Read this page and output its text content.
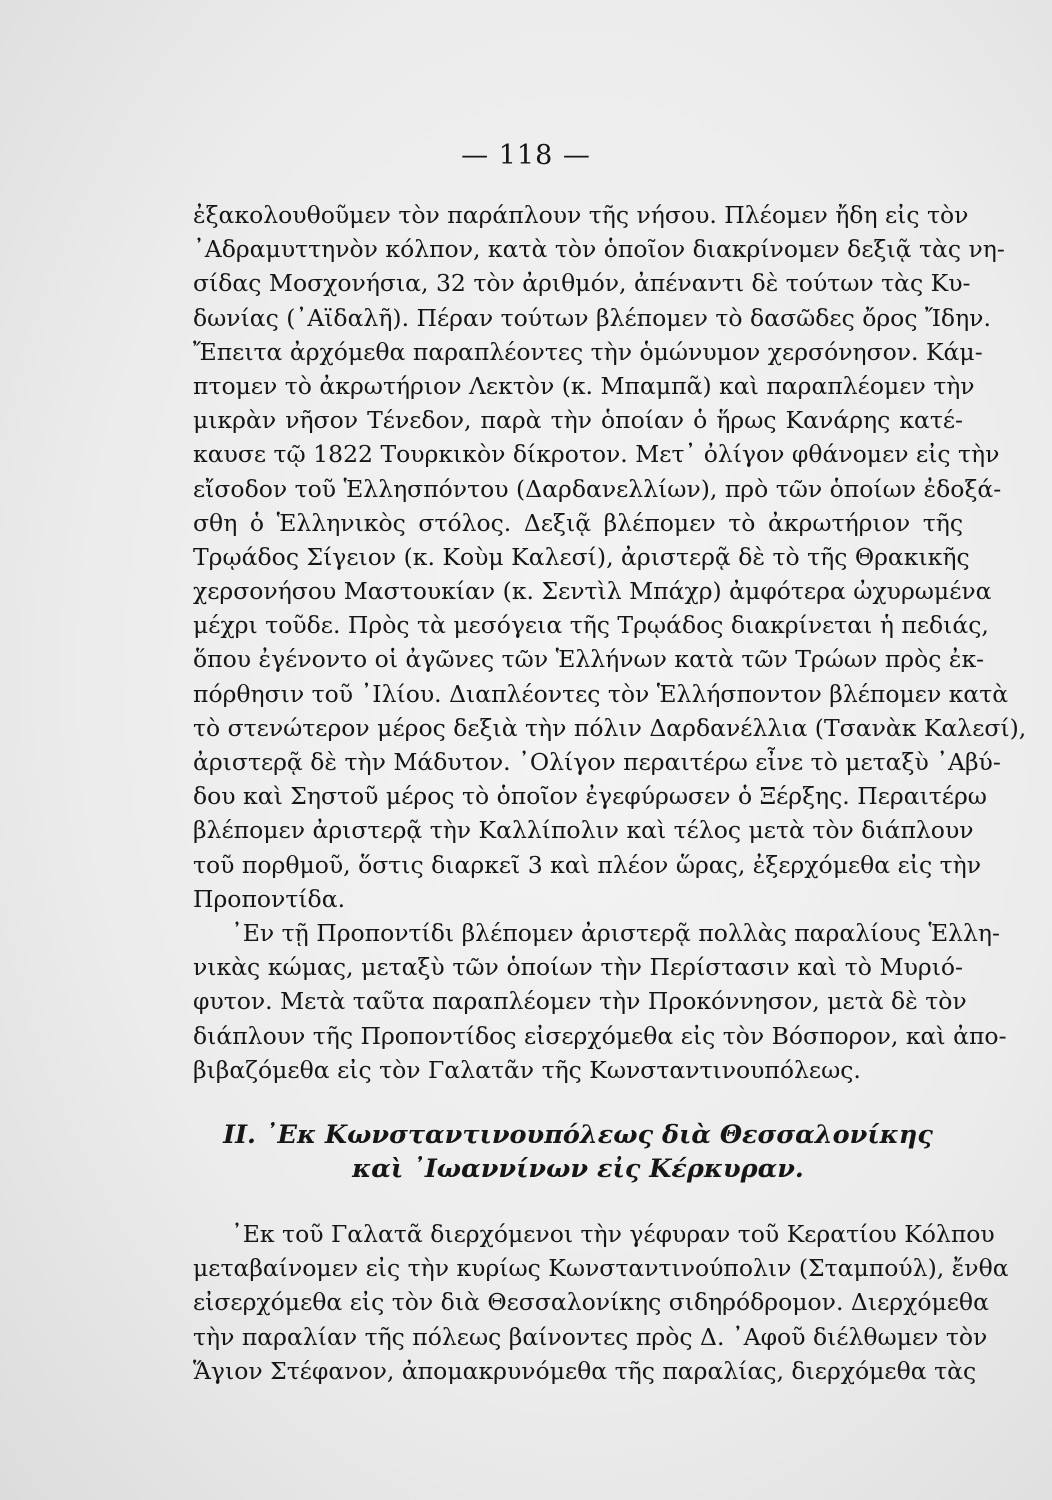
— 118 —
ἐξακολουθοῦμεν τὸν παράπλουν τῆς νήσου. Πλέομεν ἤδη εἰς τὸν
᾿Αδραμυττηνὸν κόλπον, κατὰ τὸν ὁποῖον διακρίνομεν δεξιᾷ τὰς νη-
σίδας Μοσχονήσια, 32 τὸν ἀριθμόν, ἀπέναντι δὲ τούτων τὰς Κυ-
δωνίας (᾿Αϊδαλῆ). Πέραν τούτων βλέπομεν τὸ δασῶδες ὄρος Ἴδην.
Ἔπειτα ἀρχόμεθα παραπλέοντες τὴν ὁμώνυμον χερσόνησον. Κάμ-
πτομεν τὸ ἀκρωτήριον Λεκτὸν (κ. Μπαμπᾶ) καὶ παραπλέομεν τὴν
μικρὰν νῆσον Τένεδον, παρὰ τὴν ὁποίαν ὁ ἥρως Κανάρης κατέ-
καυσε τῷ 1822 Τουρκικὸν δίκροτον. Μετ᾿ ὀλίγον φθάνομεν εἰς τὴν
εἴσοδον τοῦ Ἑλλησπόντου (Δαρδανελλίων), πρὸ τῶν ὁποίων ἐδοξά-
σθη ὁ Ἑλληνικὸς στόλος. Δεξιᾷ βλέπομεν τὸ ἀκρωτήριον τῆς
Τρῳάδος Σίγειον (κ. Κοὺμ Καλεσί), ἀριστερᾷ δὲ τὸ τῆς Θρακικῆς
χερσονήσου Μαστουκίαν (κ. Σεντὶλ Μπάχρ) ἀμφότερα ὠχυρωμένα
μέχρι τοῦδε. Πρὸς τὰ μεσόγεια τῆς Τρῳάδος διακρίνεται ἡ πεδιάς,
ὅπου ἐγένοντο οἱ ἀγῶνες τῶν Ἑλλήνων κατὰ τῶν Τρώων πρὸς ἐκ-
πόρθησιν τοῦ ᾿Ιλίου. Διαπλέοντες τὸν Ἑλλήσποντον βλέπομεν κατὰ
τὸ στενώτερον μέρος δεξιὰ τὴν πόλιν Δαρδανέλλια (Τσανὰκ Καλεσί),
ἀριστερᾷ δὲ τὴν Μάδυτον. ᾿Ολίγον περαιτέρω εἶνε τὸ μεταξὺ ᾿Αβύ-
δου καὶ Σηστοῦ μέρος τὸ ὁποῖον ἐγεφύρωσεν ὁ Ξέρξης. Περαιτέρω
βλέπομεν ἀριστερᾷ τὴν Καλλίπολιν καὶ τέλος μετὰ τὸν διάπλουν
τοῦ πορθμοῦ, ὅστις διαρκεῖ 3 καὶ πλέον ὥρας, ἐξερχόμεθα εἰς τὴν
Προποντίδα.
᾿Εν τῇ Προποντίδι βλέπομεν ἀριστερᾷ πολλὰς παραλίους Ἑλλη-
νικὰς κώμας, μεταξὺ τῶν ὁποίων τὴν Περίστασιν καὶ τὸ Μυριό-
φυτον. Μετὰ ταῦτα παραπλέομεν τὴν Προκόννησον, μετὰ δὲ τὸν
διάπλουν τῆς Προποντίδος εἰσερχόμεθα εἰς τὸν Βόσπορον, καὶ ἀπο-
βιβαζόμεθα εἰς τὸν Γαλατᾶν τῆς Κωνσταντινουπόλεως.
ΙΙ. ᾿Εκ Κωνσταντινουπόλεως διὰ Θεσσαλονίκης
καὶ ᾿Ιωαννίνων εἰς Κέρκυραν.
᾿Εκ τοῦ Γαλατᾶ διερχόμενοι τὴν γέφυραν τοῦ Κερατίου Κόλπου
μεταβαίνομεν εἰς τὴν κυρίως Κωνσταντινούπολιν (Σταμπούλ), ἔνθα
εἰσερχόμεθα εἰς τὸν διὰ Θεσσαλονίκης σιδηρόδρομον. Διερχόμεθα
τὴν παραλίαν τῆς πόλεως βαίνοντες πρὸς Δ. ᾿Αφοῦ διέλθωμεν τὸν
Ἅγιον Στέφανον, ἀπομακρυνόμεθα τῆς παραλίας, διερχόμεθα τὰς
